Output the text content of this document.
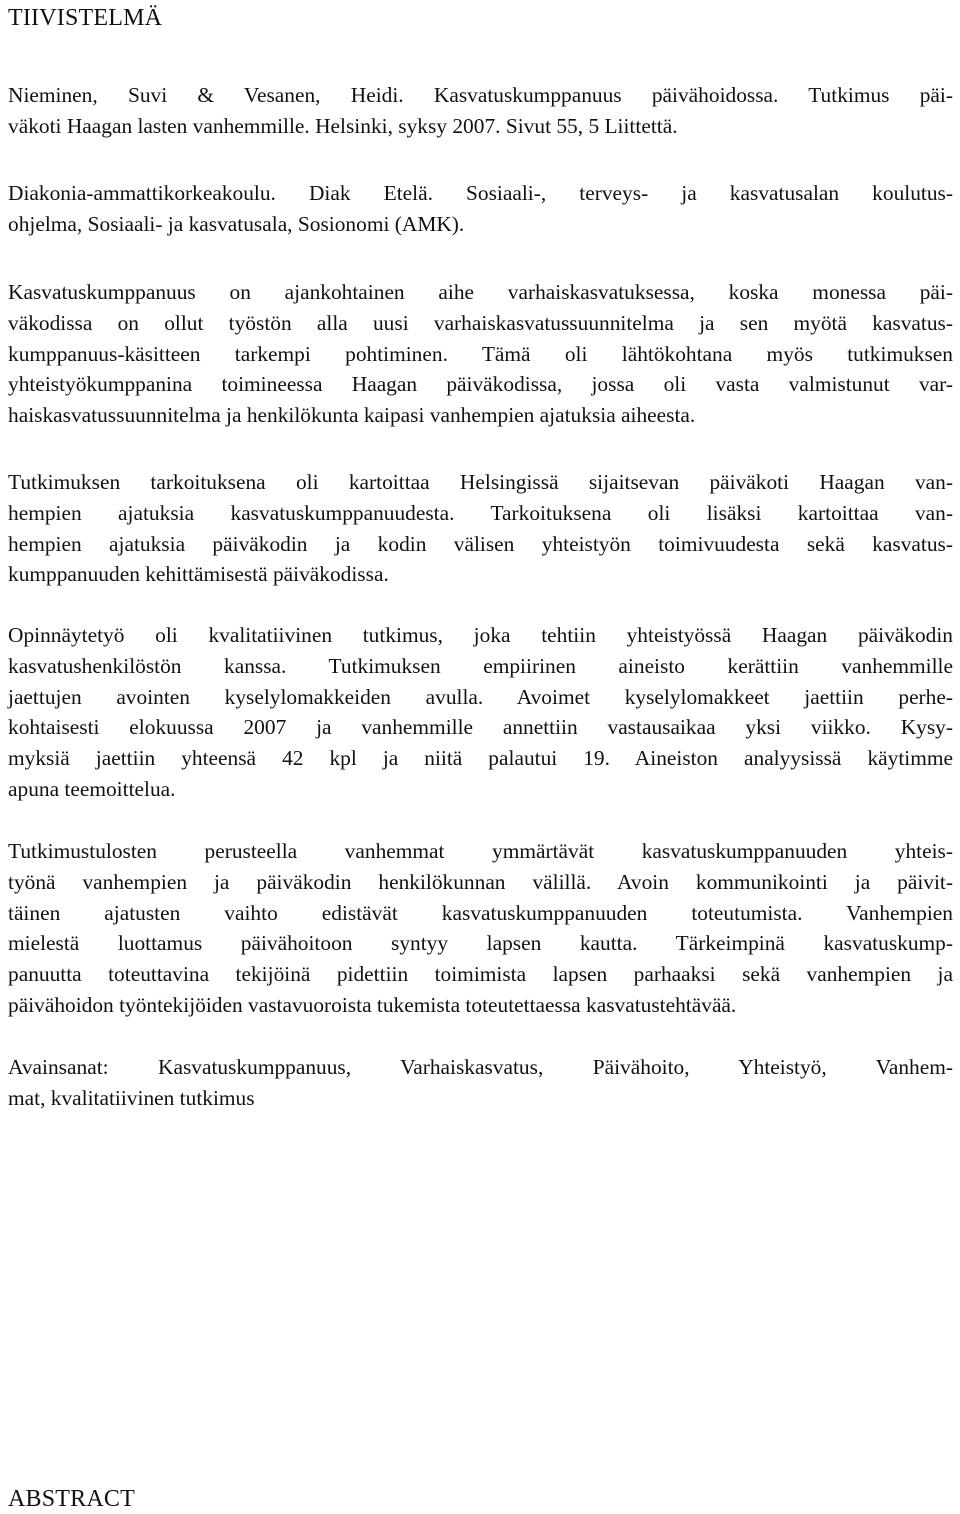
TIIVISTELMÄ

Nieminen, Suvi & Vesanen, Heidi. Kasvatuskumppanuus päivähoidossa. Tutkimus päi-
väkoti Haagan lasten vanhemmille. Helsinki, syksy 2007. Sivut 55, 5 Liittettä.

Diakonia-ammattikorkeakoulu. Diak Etelä. Sosiaali-, terveys- ja kasvatusalan koulutus-
ohjelma, Sosiaali- ja kasvatusala, Sosionomi (AMK).

Kasvatuskumppanuus on ajankohtainen aihe varhaiskasvatuksessa, koska monessa päi-
väkodissa on ollut työstön alla uusi varhaiskasvatussuunnitelma ja sen myötä kasvatus-
kumppanuus-käsitteen tarkempi pohtiminen. Tämä oli lähtökohtana myös tutkimuksen
yhteistyökumppanina toimineessa Haagan päiväkodissa, jossa oli vasta valmistunut var-
haiskasvatussuunnitelma ja henkilökunta kaipasi vanhempien ajatuksia aiheesta.

Tutkimuksen tarkoituksena oli kartoittaa Helsingissä sijaitsevan päiväkoti Haagan van-
hempien ajatuksia kasvatuskumppanuudesta. Tarkoituksena oli lisäksi kartoittaa van-
hempien ajatuksia päiväkodin ja kodin välisen yhteistyön toimivuudesta sekä kasvatus-
kumppanuuden kehittämisestä päiväkodissa.

Opinnäytetyö oli kvalitatiivinen tutkimus, joka tehtiin yhteistyössä Haagan päiväkodin
kasvatushenkilöstön kanssa. Tutkimuksen empiirinen aineisto kerättiin vanhemmille
jaettujen avointen kyselylomakkeiden avulla. Avoimet kyselylomakkeet jaettiin perhe-
kohtaisesti elokuussa 2007 ja vanhemmille annettiin vastausaikaa yksi viikko. Kysy-
myksiä jaettiin yhteensä 42 kpl ja niitä palautui 19. Aineiston analyysissä käytimme
apuna teemoittelua.

Tutkimustulosten perusteella vanhemmat ymmärtävät kasvatuskumppanuuden yhteis-
työnä vanhempien ja päiväkodin henkilökunnan välillä. Avoin kommunikointi ja päivit-
täinen ajatusten vaihto edistävät kasvatuskumppanuuden toteutumista. Vanhempien
mielestä luottamus päivähoitoon syntyy lapsen kautta. Tärkeimpinä kasvatuskump-
panuutta toteuttavina tekijöinä pidettiin toimimista lapsen parhaaksi sekä vanhempien ja
päivähoidon työntekijöiden vastavuoroista tukemista toteutettaessa kasvatustehtävää.

Avainsanat: Kasvatuskumppanuus, Varhaiskasvatus, Päivähoito, Yhteistyö, Vanhem-
mat, kvalitatiivinen tutkimus

ABSTRACT
